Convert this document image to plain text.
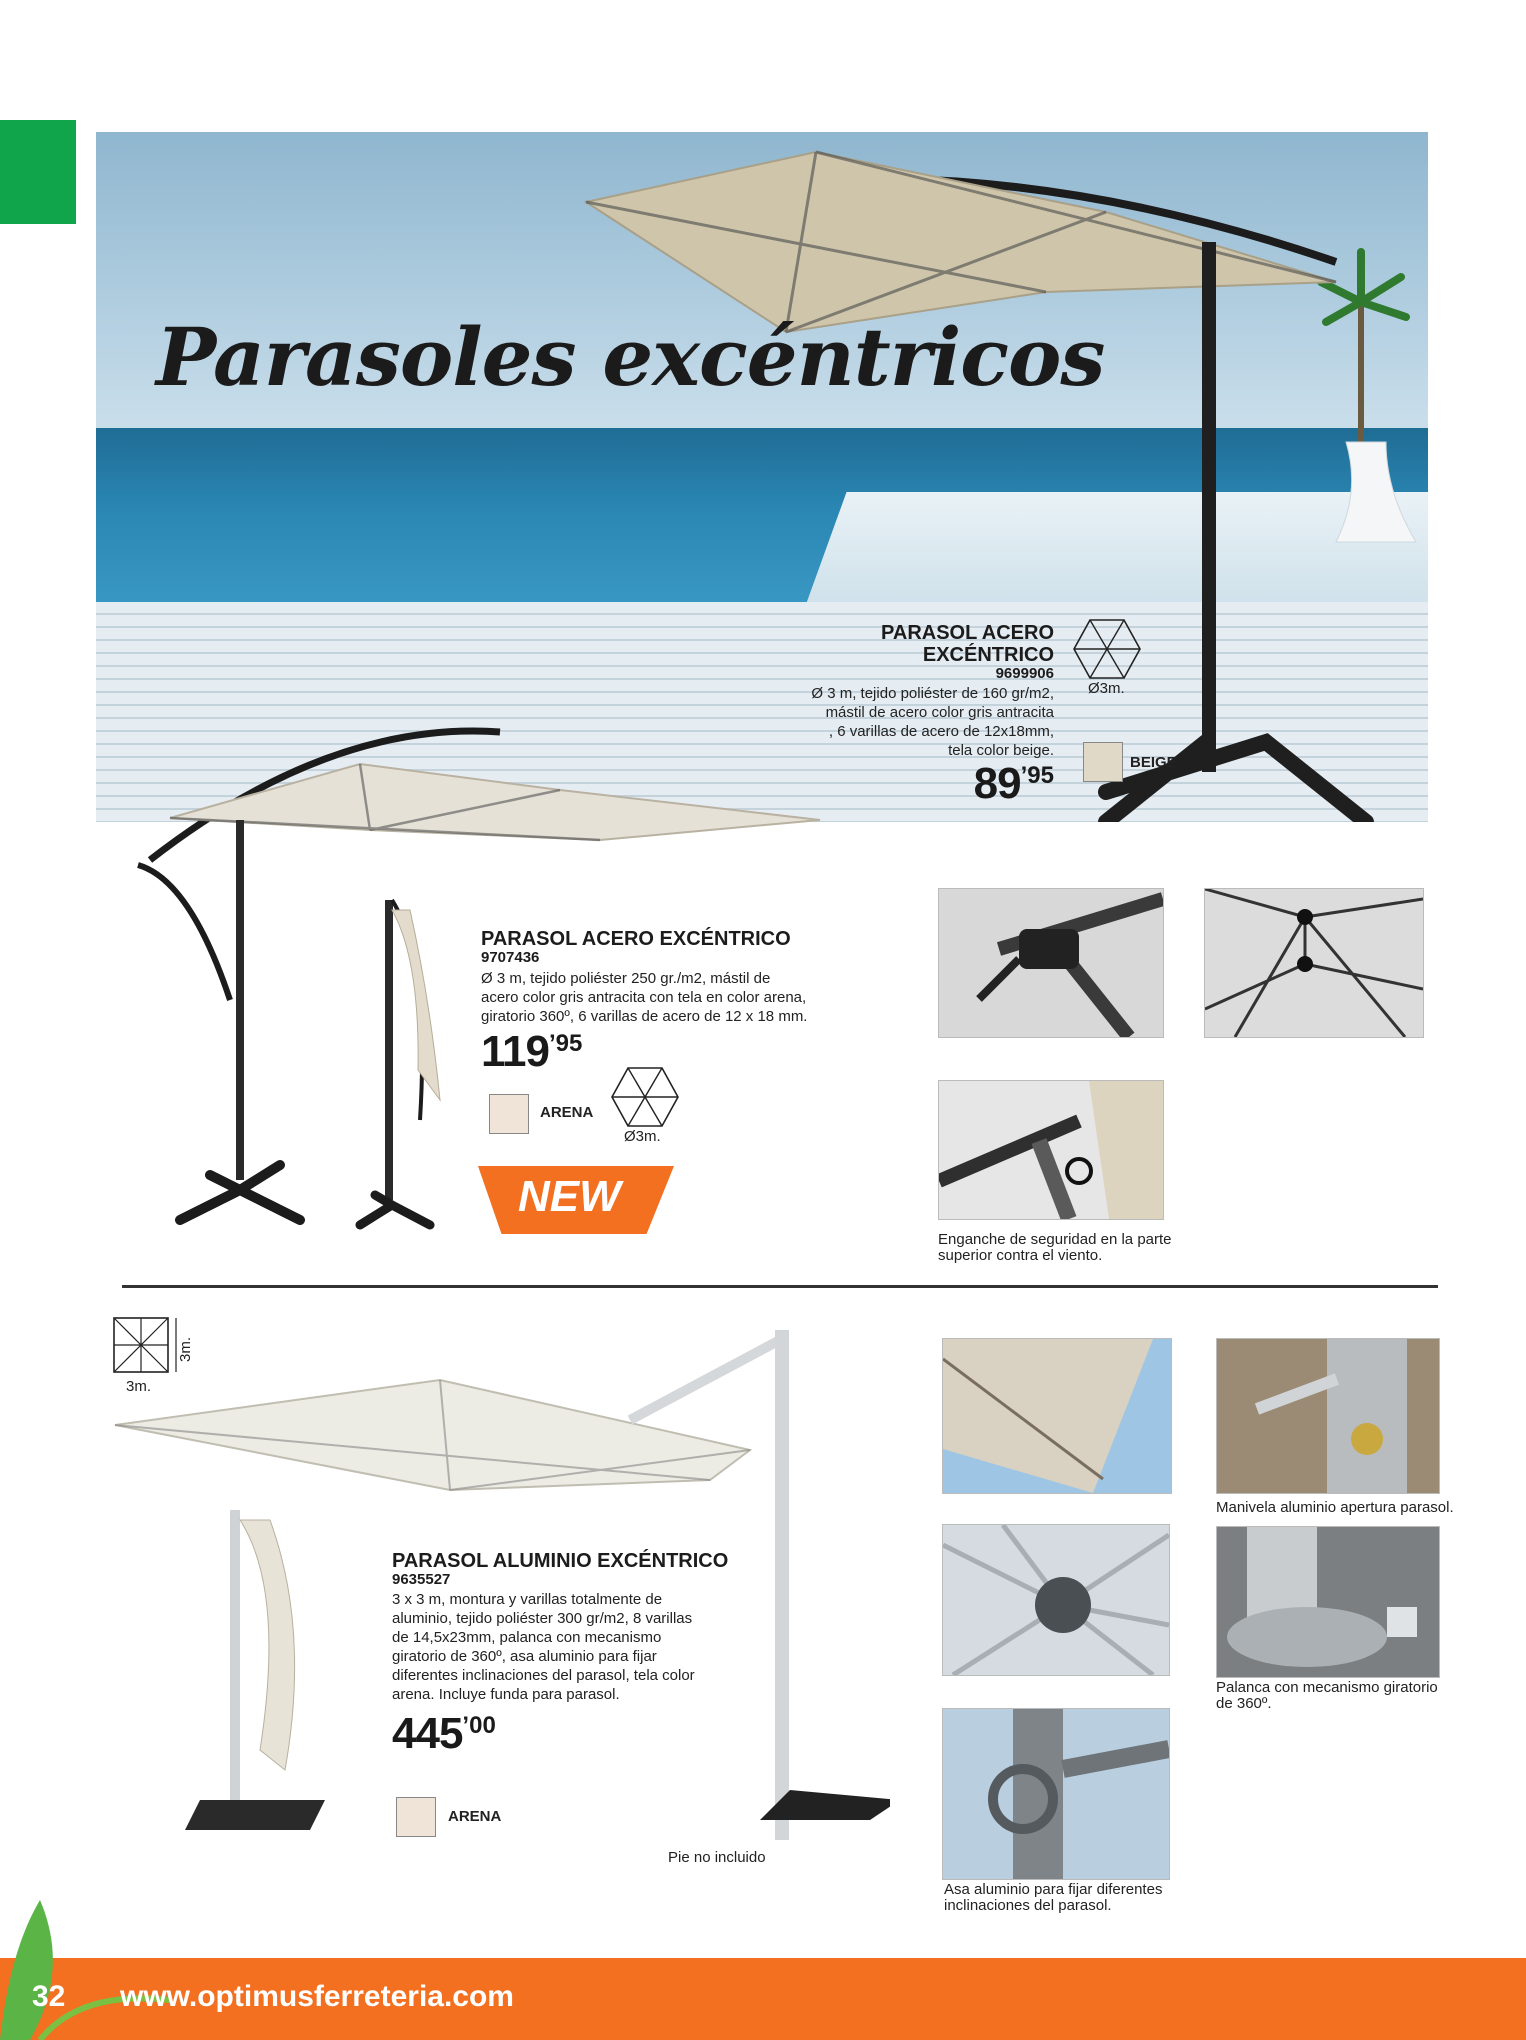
Parasoles excéntricos
PARASOL ACERO
EXCÉNTRICO
9699906
Ø 3 m, tejido poliéster de 160 gr/m2,
mástil de acero color gris antracita
, 6 varillas de acero de 12x18mm,
tela color beige.
89’95
Ø3m.
BEIGE
PARASOL ACERO EXCÉNTRICO
9707436
Ø 3 m, tejido poliéster 250 gr./m2, mástil de
acero color gris antracita con tela en color arena,
giratorio 360º, 6 varillas de acero de 12 x 18 mm.
119’95
ARENA
Ø3m.
NEW
Enganche de seguridad en la parte
superior contra el viento.
3m.
3m.
PARASOL ALUMINIO EXCÉNTRICO
9635527
3 x 3 m, montura y varillas totalmente de
aluminio, tejido poliéster 300 gr/m2, 8 varillas
de 14,5x23mm, palanca con mecanismo
giratorio de 360º, asa aluminio para fijar
diferentes inclinaciones del parasol, tela color
arena. Incluye funda para parasol.
445’00
ARENA
Pie no incluido
Manivela aluminio apertura parasol.
Palanca con mecanismo giratorio
de 360º.
Asa aluminio para fijar diferentes
inclinaciones del parasol.
32 www.optimusferreteria.com
